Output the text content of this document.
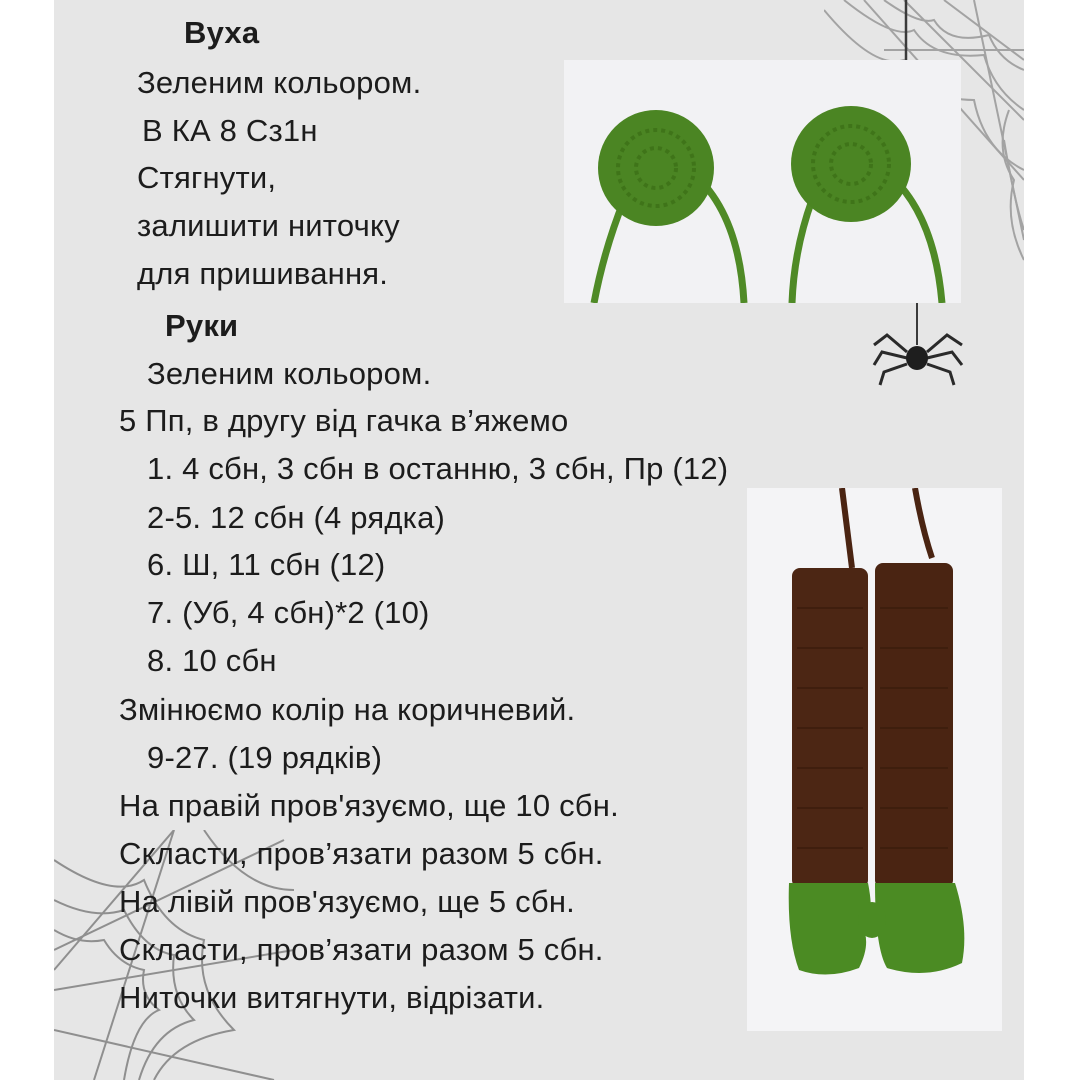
Вуха
Зеленим кольором.
В КА 8 Сз1н
Стягнути,
залишити ниточку
для пришивання.
Руки
Зеленим кольором.
5 Пп, в другу від гачка в’яжемо
1. 4 сбн, 3 сбн в останню, 3 сбн, Пр (12)
2-5. 12 сбн (4 рядка)
6. Ш, 11 сбн (12)
7. (Уб, 4 сбн)*2 (10)
8. 10 сбн
Змінюємо колір на коричневий.
9-27. (19 рядків)
На правій пров'язуємо, ще 10 сбн.
Скласти, пров’язати разом 5 сбн.
На лівій пров'язуємо, ще 5 сбн.
Скласти, пров’язати разом 5 сбн.
Ниточки витягнути, відрізати.
